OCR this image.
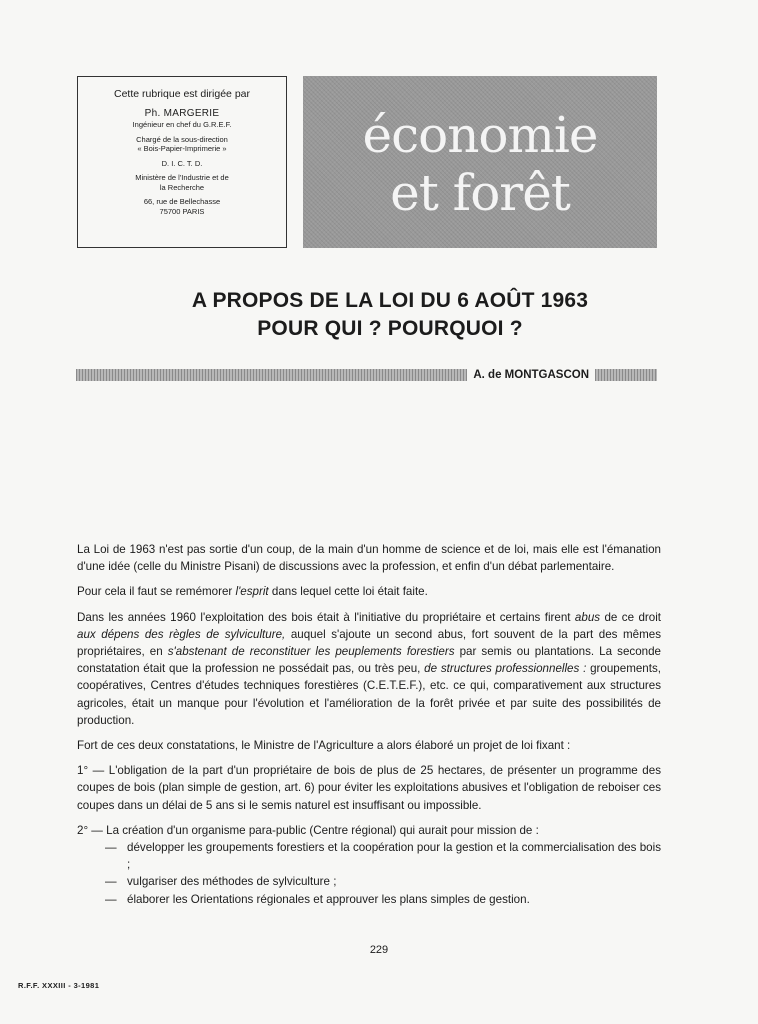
Cette rubrique est dirigée par
Ph. MARGERIE
Ingénieur en chef du G.R.E.F.
Chargé de la sous-direction
« Bois-Papier-Imprimerie »
D. I. C. T. D.
Ministère de l'Industrie et de
la Recherche
66, rue de Bellechasse
75700 PARIS
économie
et forêt
A PROPOS DE LA LOI DU 6 AOÛT 1963
POUR QUI ? POURQUOI ?
A. de MONTGASCON

La Loi de 1963 n'est pas sortie d'un coup, de la main d'un homme de science et de loi, mais elle est l'émanation d'une idée (celle du Ministre Pisani) de discussions avec la profession, et enfin d'un débat parlementaire.

Pour cela il faut se remémorer l'esprit dans lequel cette loi était faite.

Dans les années 1960 l'exploitation des bois était à l'initiative du propriétaire et certains firent abus de ce droit aux dépens des règles de sylviculture, auquel s'ajoute un second abus, fort souvent de la part des mêmes propriétaires, en s'abstenant de reconstituer les peuplements forestiers par semis ou plantations. La seconde constatation était que la profession ne possédait pas, ou très peu, de structures professionnelles : groupements, coopératives, Centres d'études techniques forestières (C.E.T.E.F.), etc. ce qui, comparativement aux structures agricoles, était un manque pour l'évolution et l'amélioration de la forêt privée et par suite des possibilités de production.

Fort de ces deux constatations, le Ministre de l'Agriculture a alors élaboré un projet de loi fixant :

1° — L'obligation de la part d'un propriétaire de bois de plus de 25 hectares, de présenter un programme des coupes de bois (plan simple de gestion, art. 6) pour éviter les exploitations abusives et l'obligation de reboiser ces coupes dans un délai de 5 ans si le semis naturel est insuffisant ou impossible.

2° — La création d'un organisme para-public (Centre régional) qui aurait pour mission de :

— développer les groupements forestiers et la coopération pour la gestion et la commercialisation des bois ;
— vulgariser des méthodes de sylviculture ;
— élaborer les Orientations régionales et approuver les plans simples de gestion.
229
R.F.F. XXXIII - 3-1981
